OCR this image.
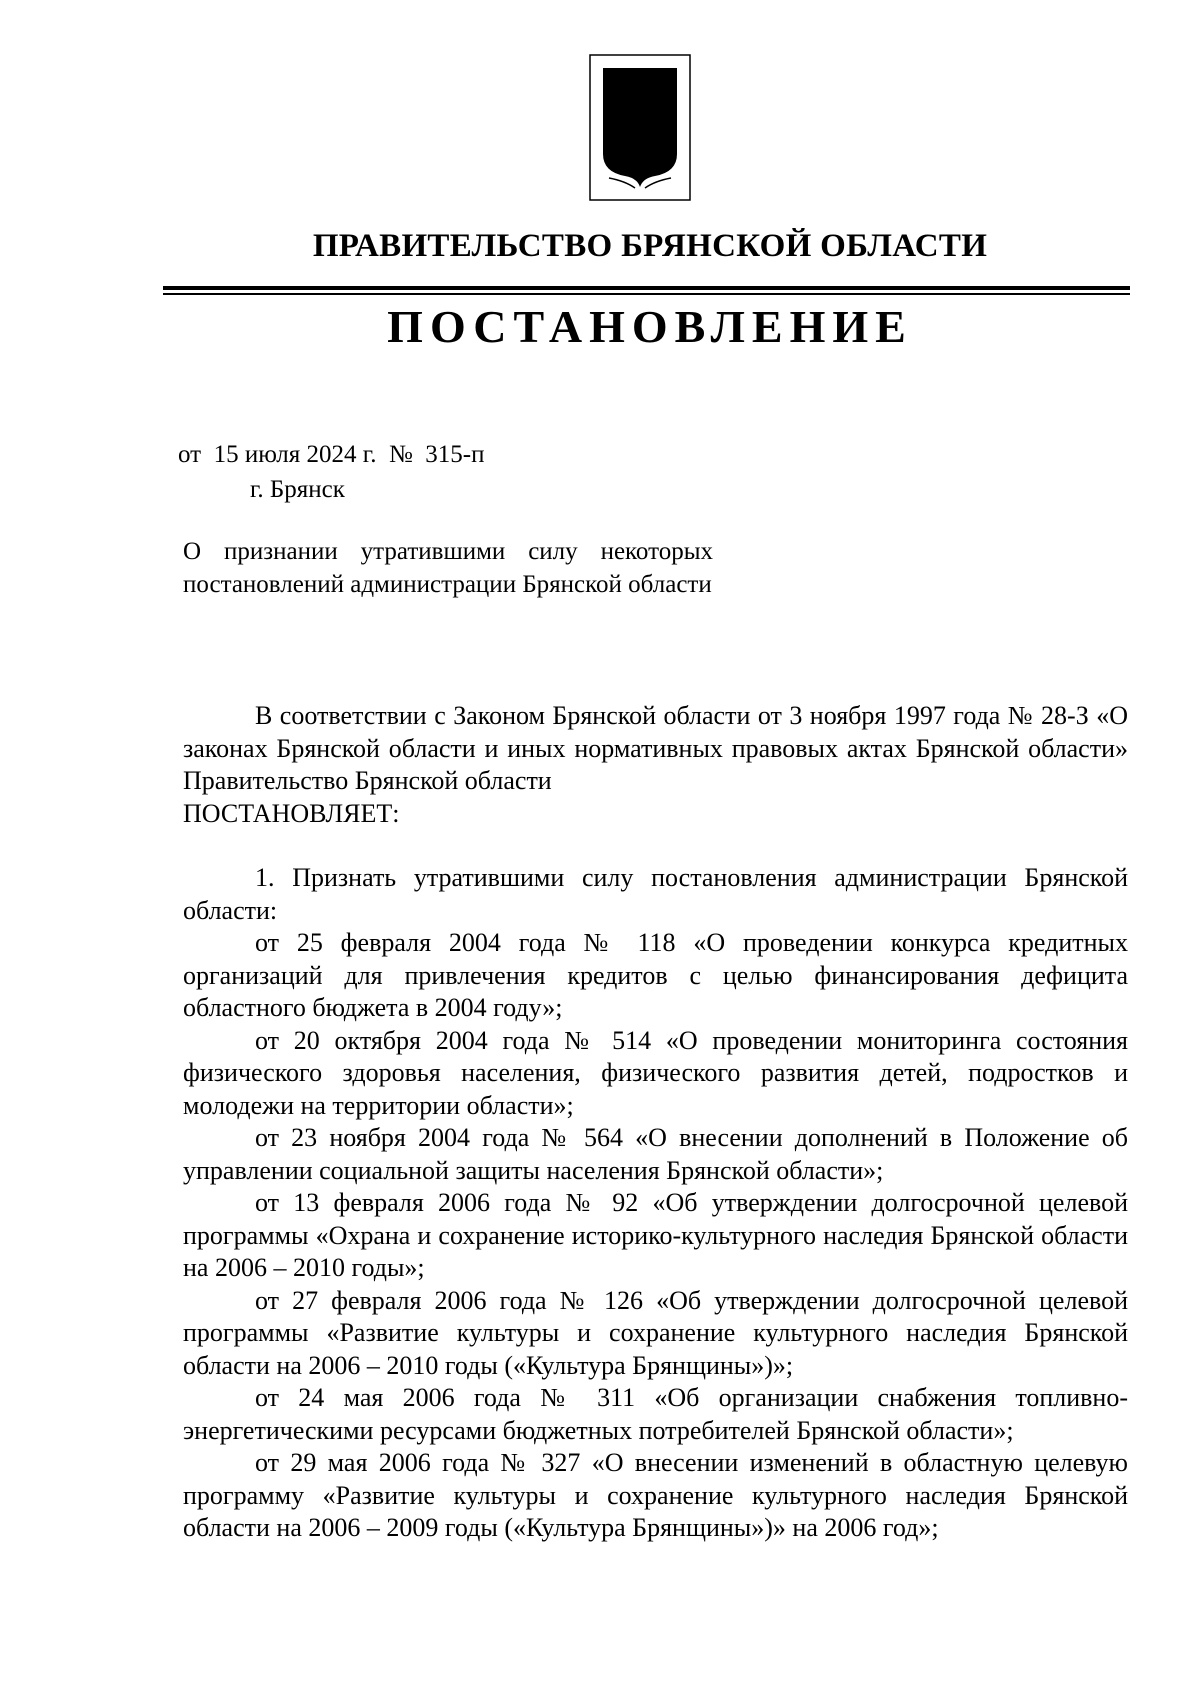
ПРАВИТЕЛЬСТВО БРЯНСКОЙ ОБЛАСТИ
ПОСТАНОВЛЕНИЕ
от  15 июля 2024 г.  №  315-п
г. Брянск
О признании утратившими силу некоторых постановлений администрации Брянской области

В соответствии с Законом Брянской области от 3 ноября 1997 года № 28-З «О законах Брянской области и иных нормативных правовых актах Брянской области» Правительство Брянской области

ПОСТАНОВЛЯЕТ:

1. Признать утратившими силу постановления администрации Брянской области:

от 25 февраля 2004 года № 118 «О проведении конкурса кредитных организаций для привлечения кредитов с целью финансирования дефицита областного бюджета в 2004 году»;

от 20 октября 2004 года № 514 «О проведении мониторинга состояния физического здоровья населения, физического развития детей, подростков и молодежи на территории области»;

от 23 ноября 2004 года № 564 «О внесении дополнений в Положение об управлении социальной защиты населения Брянской области»;

от 13 февраля 2006 года № 92 «Об утверждении долгосрочной целевой программы «Охрана и сохранение историко-культурного наследия Брянской области на 2006 – 2010 годы»;

от 27 февраля 2006 года № 126 «Об утверждении долгосрочной целевой программы «Развитие культуры и сохранение культурного наследия Брянской области на 2006 – 2010 годы («Культура Брянщины»)»;

от 24 мая 2006 года № 311 «Об организации снабжения топливно-энергетическими ресурсами бюджетных потребителей Брянской области»;

от 29 мая 2006 года № 327 «О внесении изменений в областную целевую программу «Развитие культуры и сохранение культурного наследия Брянской области на 2006 – 2009 годы («Культура Брянщины»)» на 2006 год»;
